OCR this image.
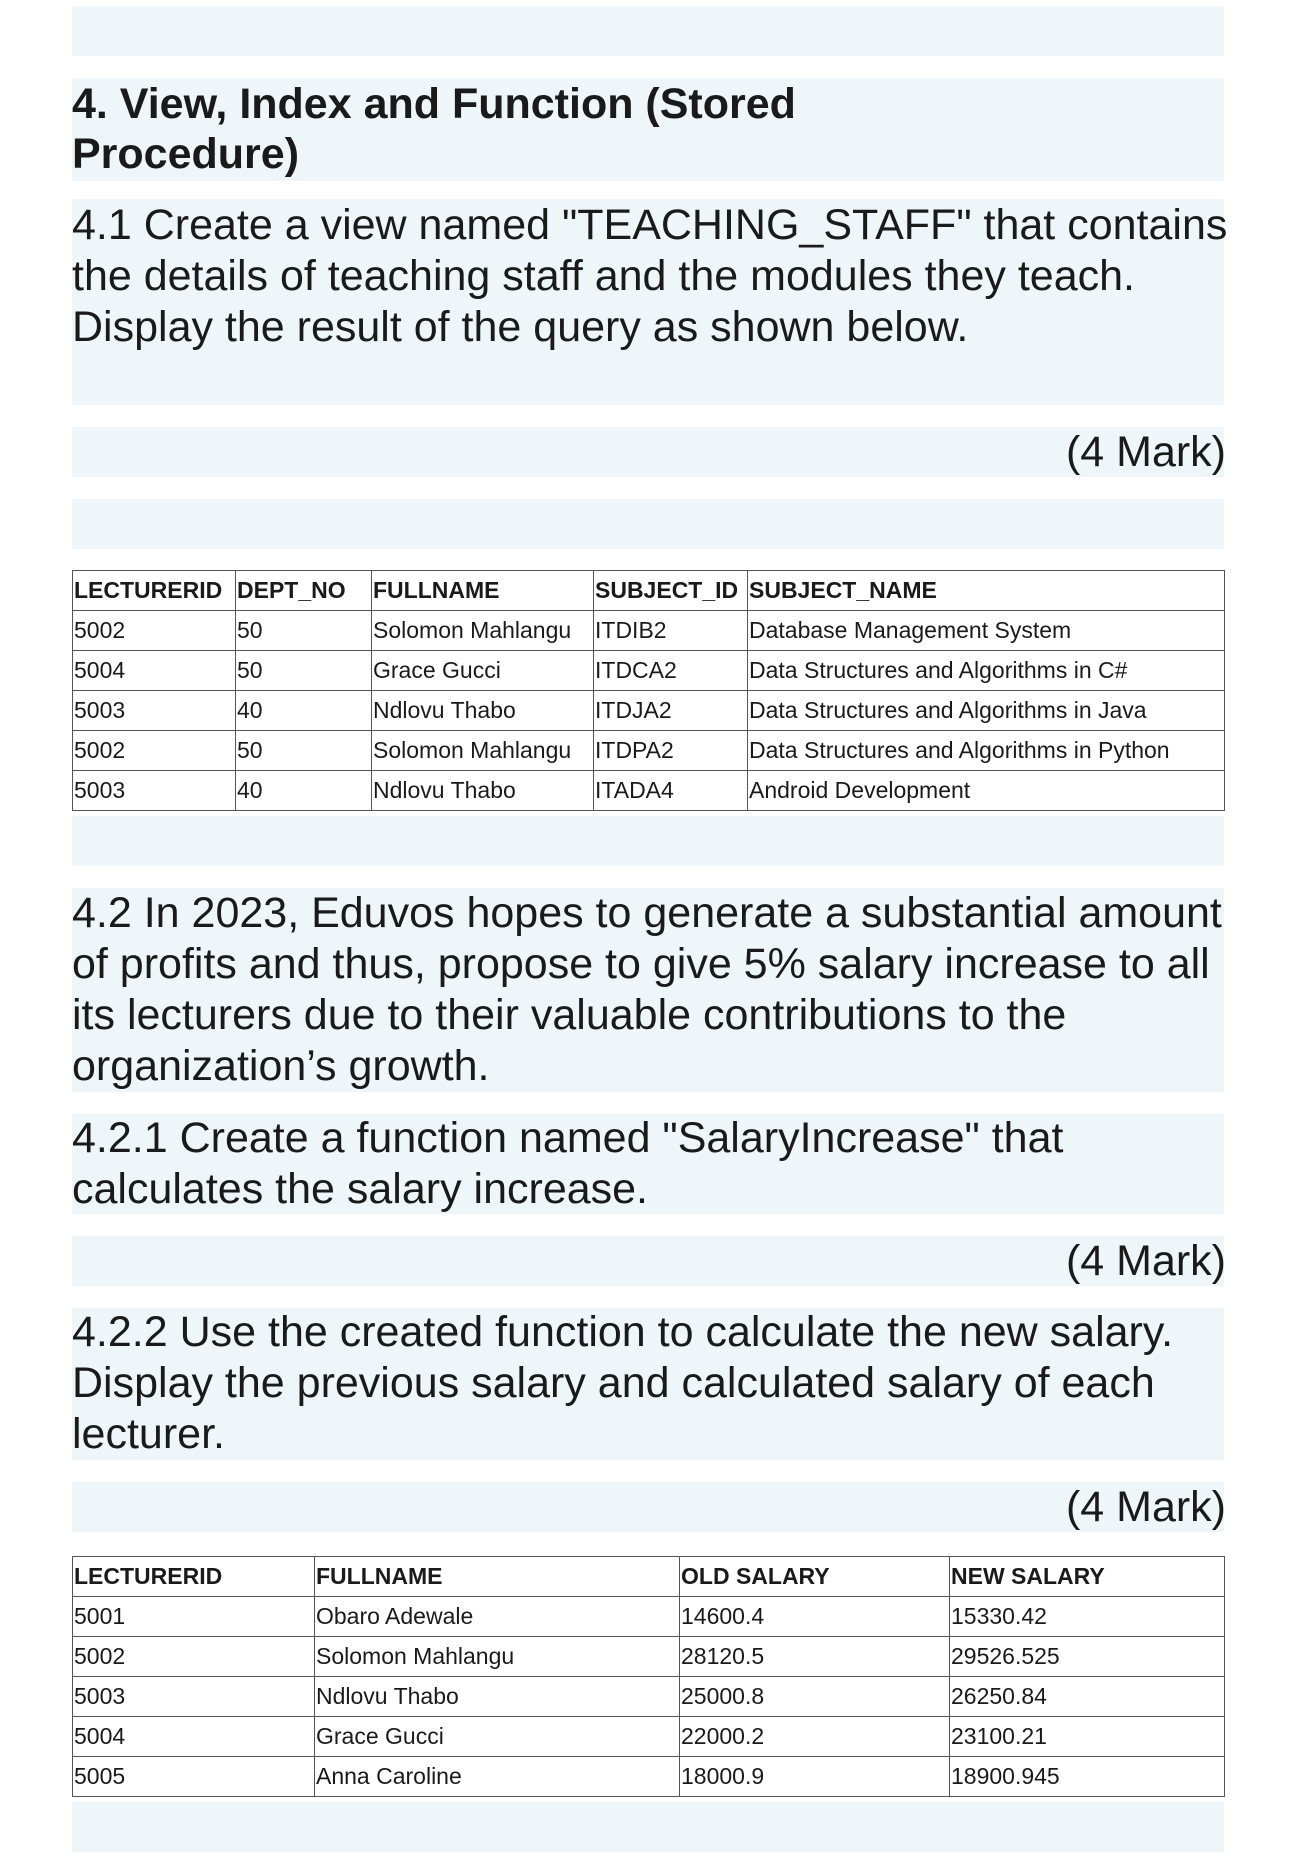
4. View, Index and Function (Stored
Procedure)

4.1 Create a view named "TEACHING_STAFF" that contains the details of teaching staff and the modules they teach. Display the result of the query as shown below.

(4 Mark)

LECTURERID	DEPT_NO	FULLNAME	SUBJECT_ID	SUBJECT_NAME
5002	50	Solomon Mahlangu	ITDIB2	Database Management System
5004	50	Grace Gucci	ITDCA2	Data Structures and Algorithms in C#
5003	40	Ndlovu Thabo	ITDJA2	Data Structures and Algorithms in Java
5002	50	Solomon Mahlangu	ITDPA2	Data Structures and Algorithms in Python
5003	40	Ndlovu Thabo	ITADA4	Android Development

4.2 In 2023, Eduvos hopes to generate a substantial amount of profits and thus, propose to give 5% salary increase to all its lecturers due to their valuable contributions to the organization’s growth.

4.2.1 Create a function named "SalaryIncrease" that calculates the salary increase.

(4 Mark)

4.2.2 Use the created function to calculate the new salary. Display the previous salary and calculated salary of each lecturer.

(4 Mark)

LECTURERID	FULLNAME	OLD SALARY	NEW SALARY
5001	Obaro Adewale	14600.4	15330.42
5002	Solomon Mahlangu	28120.5	29526.525
5003	Ndlovu Thabo	25000.8	26250.84
5004	Grace Gucci	22000.2	23100.21
5005	Anna Caroline	18000.9	18900.945
